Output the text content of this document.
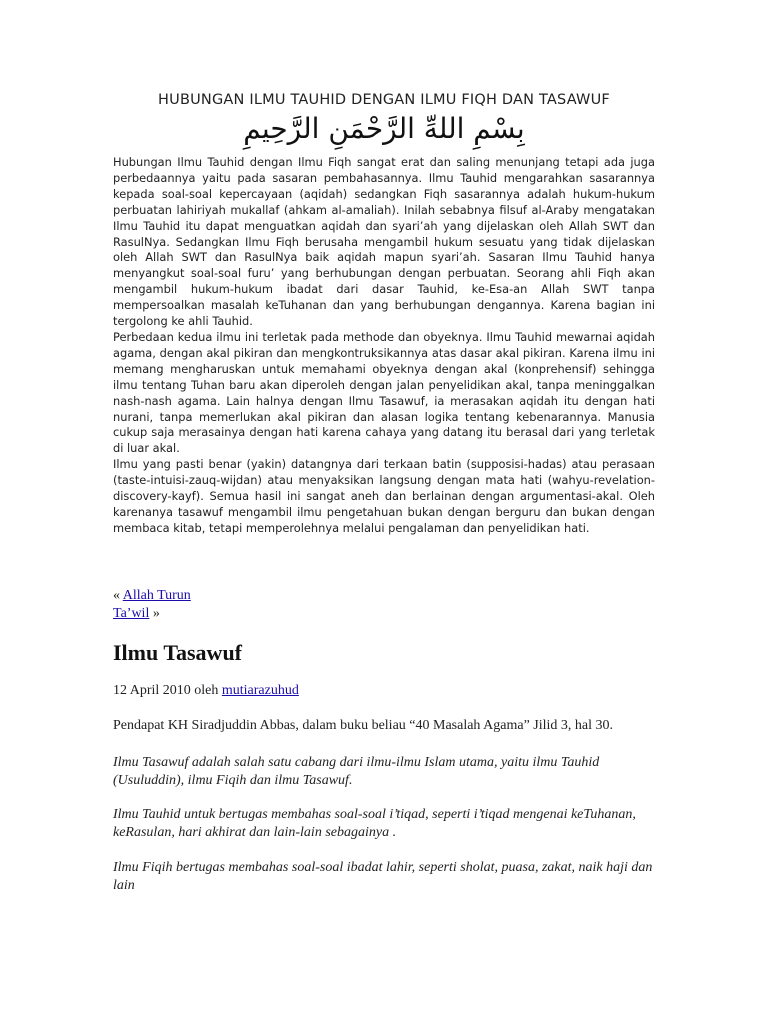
HUBUNGAN ILMU TAUHID DENGAN ILMU FIQH DAN TASAWUF
بِسْمِ اللهِّ الرَّحْمَنِ الرَّحِيمِ

Hubungan Ilmu Tauhid dengan Ilmu Fiqh sangat erat dan saling menunjang tetapi ada juga perbedaannya yaitu pada sasaran pembahasannya. Ilmu Tauhid mengarahkan sasarannya kepada soal-soal kepercayaan (aqidah) sedangkan Fiqh sasarannya adalah hukum-hukum perbuatan lahiriyah mukallaf (ahkam al-amaliah). Inilah sebabnya filsuf al-Araby mengatakan Ilmu Tauhid itu dapat menguatkan aqidah dan syari’ah yang dijelaskan oleh Allah SWT dan RasulNya. Sedangkan Ilmu Fiqh berusaha mengambil hukum sesuatu yang tidak dijelaskan oleh Allah SWT dan RasulNya baik aqidah mapun syari’ah. Sasaran Ilmu Tauhid hanya menyangkut soal-soal furu’ yang berhubungan dengan perbuatan. Seorang ahli Fiqh akan mengambil hukum-hukum ibadat dari dasar Tauhid, ke-Esa-an Allah SWT tanpa mempersoalkan masalah keTuhanan dan yang berhubungan dengannya. Karena bagian ini tergolong ke ahli Tauhid.

Perbedaan kedua ilmu ini terletak pada methode dan obyeknya. Ilmu Tauhid mewarnai aqidah agama, dengan akal pikiran dan mengkontruksikannya atas dasar akal pikiran. Karena ilmu ini memang mengharuskan untuk memahami obyeknya dengan akal (konprehensif) sehingga ilmu tentang Tuhan baru akan diperoleh dengan jalan penyelidikan akal, tanpa meninggalkan nash-nash agama. Lain halnya dengan Ilmu Tasawuf, ia merasakan aqidah itu dengan hati nurani, tanpa memerlukan akal pikiran dan alasan logika tentang kebenarannya. Manusia cukup saja merasainya dengan hati karena cahaya yang datang itu berasal dari yang terletak di luar akal.

Ilmu yang pasti benar (yakin) datangnya dari terkaan batin (supposisi-hadas) atau perasaan (taste-intuisi-zauq-wijdan) atau menyaksikan langsung dengan mata hati (wahyu-revelation-discovery-kayf). Semua hasil ini sangat aneh dan berlainan dengan argumentasi-akal. Oleh karenanya tasawuf mengambil ilmu pengetahuan bukan dengan berguru dan bukan dengan membaca kitab, tetapi memperolehnya melalui pengalaman dan penyelidikan hati.

« Allah Turun
Ta’wil »
Ilmu Tasawuf
12 April 2010 oleh mutiarazuhud

Pendapat KH Siradjuddin Abbas, dalam buku beliau “40 Masalah Agama” Jilid 3, hal 30.

Ilmu Tasawuf adalah salah satu cabang dari ilmu-ilmu Islam utama, yaitu ilmu Tauhid (Usuluddin), ilmu Fiqih dan ilmu Tasawuf.

Ilmu Tauhid untuk bertugas membahas soal-soal i’tiqad, seperti i’tiqad mengenai keTuhanan, keRasulan, hari akhirat dan lain-lain sebagainya .

Ilmu Fiqih bertugas membahas soal-soal ibadat lahir, seperti sholat, puasa, zakat, naik haji dan lain
